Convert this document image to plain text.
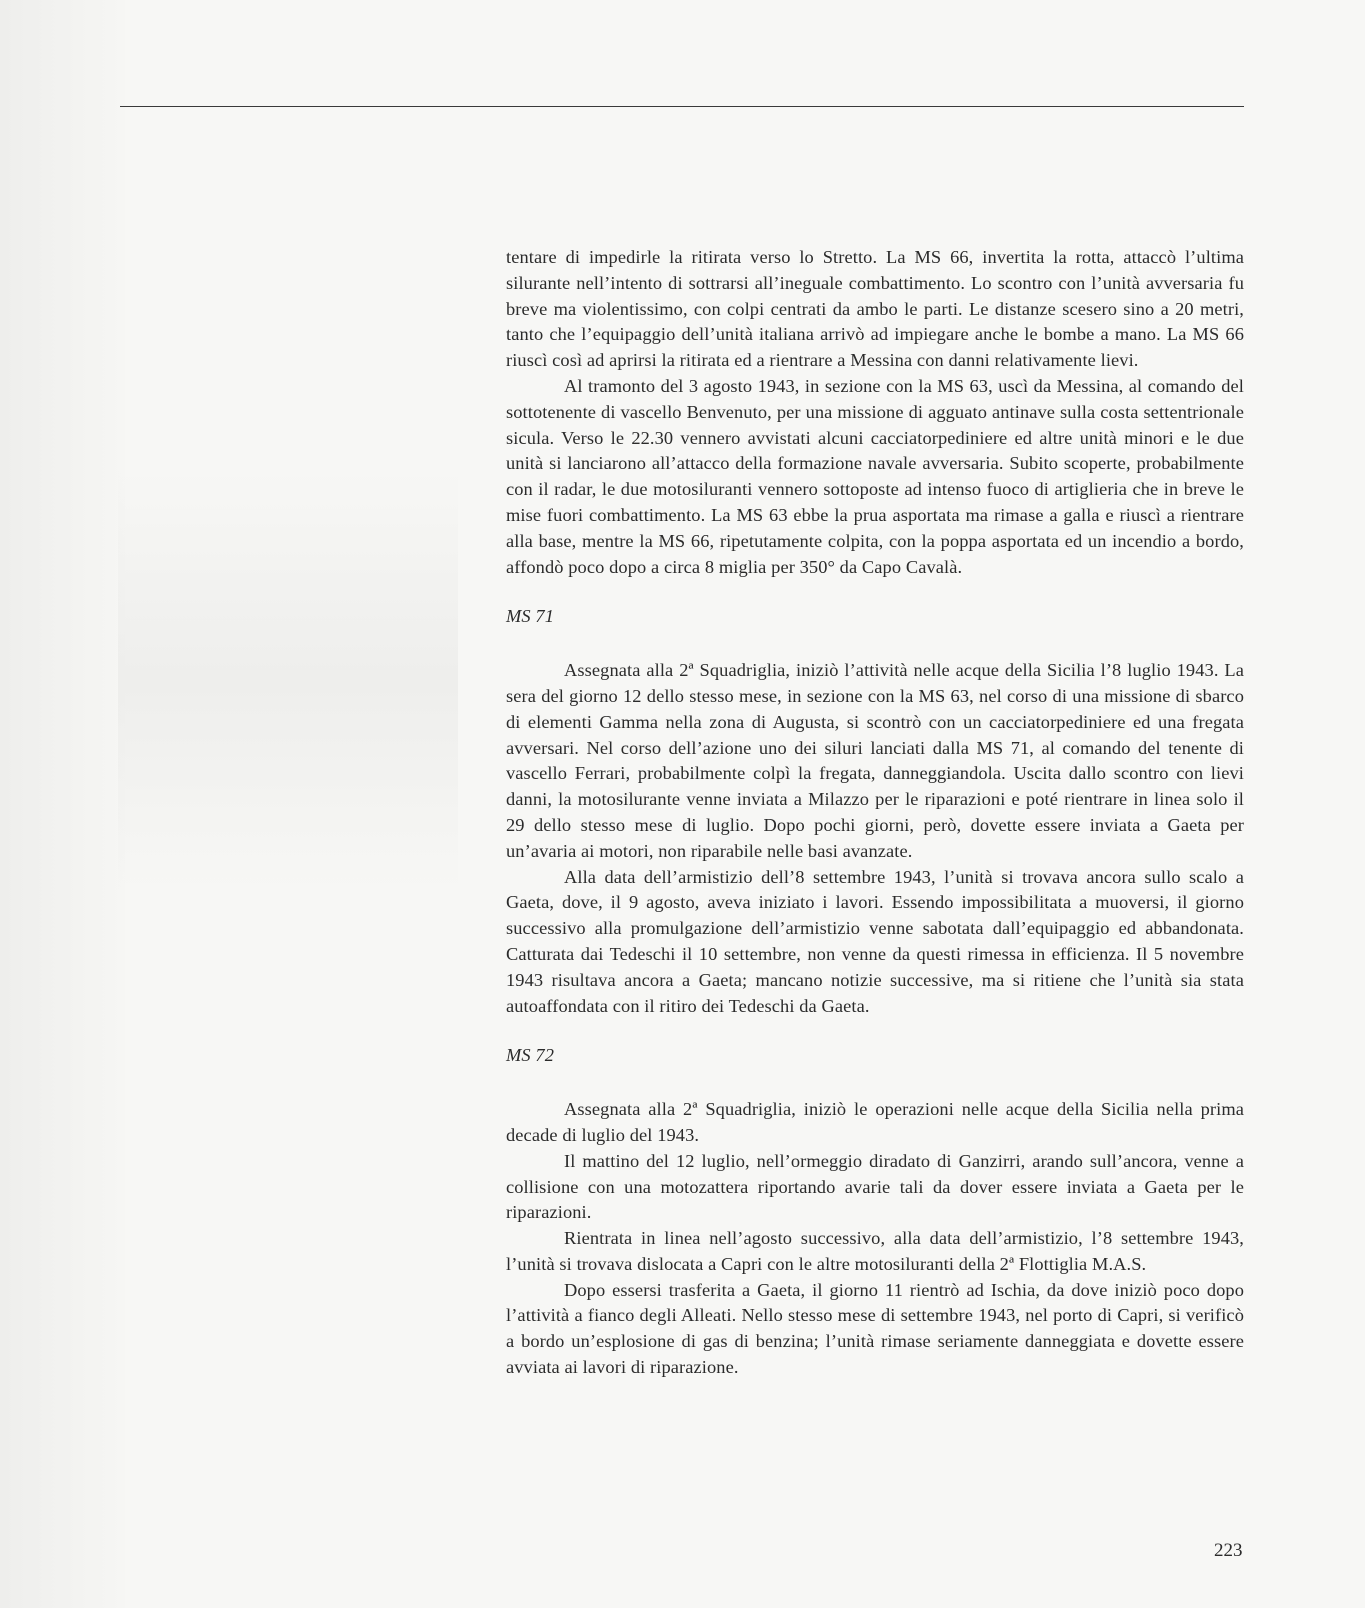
tentare di impedirle la ritirata verso lo Stretto. La MS 66, invertita la rotta, attaccò l’ultima silurante nell’intento di sottrarsi all’ineguale combattimento. Lo scontro con l’unità avversaria fu breve ma violentissimo, con colpi centrati da ambo le parti. Le distanze scesero sino a 20 metri, tanto che l’equipaggio dell’unità italiana arrivò ad impiegare anche le bombe a mano. La MS 66 riuscì così ad aprirsi la ritirata ed a rientrare a Messina con danni relativamente lievi.

Al tramonto del 3 agosto 1943, in sezione con la MS 63, uscì da Messina, al comando del sottotenente di vascello Benvenuto, per una missione di agguato antinave sulla costa settentrionale sicula. Verso le 22.30 vennero avvistati alcuni cacciatorpediniere ed altre unità minori e le due unità si lanciarono all’attacco della formazione navale avversaria. Subito scoperte, probabilmente con il radar, le due motosiluranti vennero sottoposte ad intenso fuoco di artiglieria che in breve le mise fuori combattimento. La MS 63 ebbe la prua asportata ma rimase a galla e riuscì a rientrare alla base, mentre la MS 66, ripetutamente colpita, con la poppa asportata ed un incendio a bordo, affondò poco dopo a circa 8 miglia per 350° da Capo Cavalà.

MS 71

Assegnata alla 2ª Squadriglia, iniziò l’attività nelle acque della Sicilia l’8 luglio 1943. La sera del giorno 12 dello stesso mese, in sezione con la MS 63, nel corso di una missione di sbarco di elementi Gamma nella zona di Augusta, si scontrò con un cacciatorpediniere ed una fregata avversari. Nel corso dell’azione uno dei siluri lanciati dalla MS 71, al comando del tenente di vascello Ferrari, probabilmente colpì la fregata, danneggiandola. Uscita dallo scontro con lievi danni, la motosilurante venne inviata a Milazzo per le riparazioni e poté rientrare in linea solo il 29 dello stesso mese di luglio. Dopo pochi giorni, però, dovette essere inviata a Gaeta per un’avaria ai motori, non riparabile nelle basi avanzate.

Alla data dell’armistizio dell’8 settembre 1943, l’unità si trovava ancora sullo scalo a Gaeta, dove, il 9 agosto, aveva iniziato i lavori. Essendo impossibilitata a muoversi, il giorno successivo alla promulgazione dell’armistizio venne sabotata dall’equipaggio ed abbandonata. Catturata dai Tedeschi il 10 settembre, non venne da questi rimessa in efficienza. Il 5 novembre 1943 risultava ancora a Gaeta; mancano notizie successive, ma si ritiene che l’unità sia stata autoaffondata con il ritiro dei Tedeschi da Gaeta.

MS 72

Assegnata alla 2ª Squadriglia, iniziò le operazioni nelle acque della Sicilia nella prima decade di luglio del 1943.

Il mattino del 12 luglio, nell’ormeggio diradato di Ganzirri, arando sull’ancora, venne a collisione con una motozattera riportando avarie tali da dover essere inviata a Gaeta per le riparazioni.

Rientrata in linea nell’agosto successivo, alla data dell’armistizio, l’8 settembre 1943, l’unità si trovava dislocata a Capri con le altre motosiluranti della 2ª Flottiglia M.A.S.

Dopo essersi trasferita a Gaeta, il giorno 11 rientrò ad Ischia, da dove iniziò poco dopo l’attività a fianco degli Alleati. Nello stesso mese di settembre 1943, nel porto di Capri, si verificò a bordo un’esplosione di gas di benzina; l’unità rimase seriamente danneggiata e dovette essere avviata ai lavori di riparazione.

223
